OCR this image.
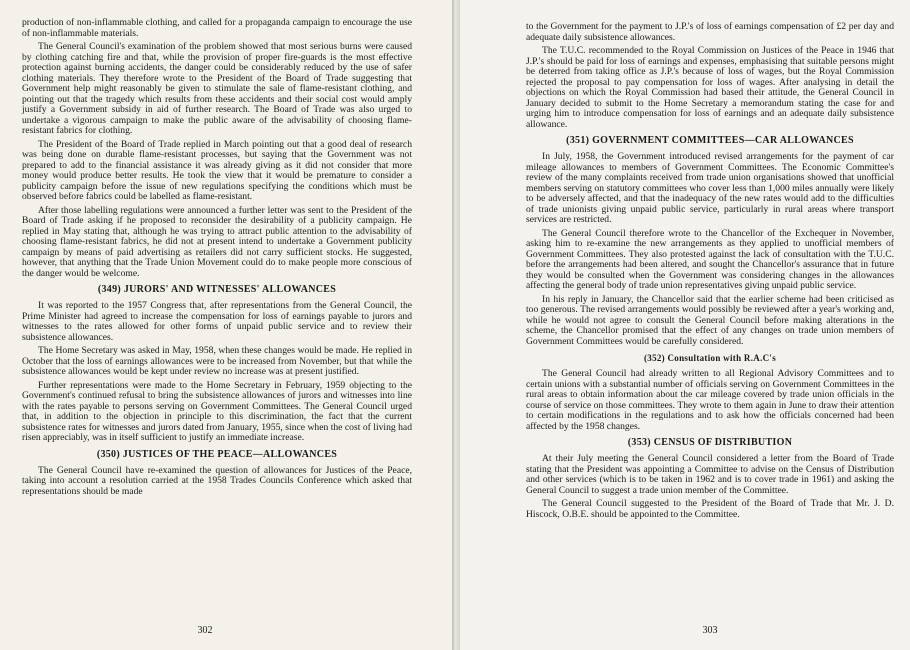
production of non-inflammable clothing, and called for a propaganda campaign to encourage the use of non-inflammable materials.

The General Council's examination of the problem showed that most serious burns were caused by clothing catching fire and that, while the provision of proper fire-guards is the most effective protection against burning accidents, the danger could be considerably reduced by the use of safer clothing materials. They therefore wrote to the President of the Board of Trade suggesting that Government help might reasonably be given to stimulate the sale of flame-resistant clothing, and pointing out that the tragedy which results from these accidents and their social cost would amply justify a Government subsidy in aid of further research. The Board of Trade was also urged to undertake a vigorous campaign to make the public aware of the advisability of choosing flame-resistant fabrics for clothing.

The President of the Board of Trade replied in March pointing out that a good deal of research was being done on durable flame-resistant processes, but saying that the Government was not prepared to add to the financial assistance it was already giving as it did not consider that more money would produce better results. He took the view that it would be premature to consider a publicity campaign before the issue of new regulations specifying the conditions which must be observed before fabrics could be labelled as flame-resistant.

After those labelling regulations were announced a further letter was sent to the President of the Board of Trade asking if he proposed to reconsider the desirability of a publicity campaign. He replied in May stating that, although he was trying to attract public attention to the advisability of choosing flame-resistant fabrics, he did not at present intend to undertake a Government publicity campaign by means of paid advertising as retailers did not carry sufficient stocks. He suggested, however, that anything that the Trade Union Movement could do to make people more conscious of the danger would be welcome.

(349) JURORS' AND WITNESSES' ALLOWANCES

It was reported to the 1957 Congress that, after representations from the General Council, the Prime Minister had agreed to increase the compensation for loss of earnings payable to jurors and witnesses to the rates allowed for other forms of unpaid public service and to review their subsistence allowances.

The Home Secretary was asked in May, 1958, when these changes would be made. He replied in October that the loss of earnings allowances were to be increased from November, but that while the subsistence allowances would be kept under review no increase was at present justified.

Further representations were made to the Home Secretary in February, 1959 objecting to the Government's continued refusal to bring the subsistence allowances of jurors and witnesses into line with the rates payable to persons serving on Government Committees. The General Council urged that, in addition to the objection in principle to this discrimination, the fact that the current subsistence rates for witnesses and jurors dated from January, 1955, since when the cost of living had risen appreciably, was in itself sufficient to justify an immediate increase.

(350) JUSTICES OF THE PEACE—ALLOWANCES

The General Council have re-examined the question of allowances for Justices of the Peace, taking into account a resolution carried at the 1958 Trades Councils Conference which asked that representations should be made

302

to the Government for the payment to J.P.'s of loss of earnings compensation of £2 per day and adequate daily subsistence allowances.

The T.U.C. recommended to the Royal Commission on Justices of the Peace in 1946 that J.P.'s should be paid for loss of earnings and expenses, emphasising that suitable persons might be deterred from taking office as J.P.'s because of loss of wages, but the Royal Commission rejected the proposal to pay compensation for loss of wages. After analysing in detail the objections on which the Royal Commission had based their attitude, the General Council in January decided to submit to the Home Secretary a memorandum stating the case for and urging him to introduce compensation for loss of earnings and an adequate daily subsistence allowance.

(351) GOVERNMENT COMMITTEES—CAR ALLOWANCES

In July, 1958, the Government introduced revised arrangements for the payment of car mileage allowances to members of Government Committees. The Economic Committee's review of the many complaints received from trade union organisations showed that unofficial members serving on statutory committees who cover less than 1,000 miles annually were likely to be adversely affected, and that the inadequacy of the new rates would add to the difficulties of trade unionists giving unpaid public service, particularly in rural areas where transport services are restricted.

The General Council therefore wrote to the Chancellor of the Exchequer in November, asking him to re-examine the new arrangements as they applied to unofficial members of Government Committees. They also protested against the lack of consultation with the T.U.C. before the arrangements had been altered, and sought the Chancellor's assurance that in future they would be consulted when the Government was considering changes in the allowances affecting the general body of trade union representatives giving unpaid public service.

In his reply in January, the Chancellor said that the earlier scheme had been criticised as too generous. The revised arrangements would possibly be reviewed after a year's working and, while he would not agree to consult the General Council before making alterations in the scheme, the Chancellor promised that the effect of any changes on trade union members of Government Committees would be carefully considered.

(352) Consultation with R.A.C's

The General Council had already written to all Regional Advisory Committees and to certain unions with a substantial number of officials serving on Government Committees in the rural areas to obtain information about the car mileage covered by trade union officials in the course of service on those committees. They wrote to them again in June to draw their attention to certain modifications in the regulations and to ask how the officials concerned had been affected by the 1958 changes.

(353) CENSUS OF DISTRIBUTION

At their July meeting the General Council considered a letter from the Board of Trade stating that the President was appointing a Committee to advise on the Census of Distribution and other services (which is to be taken in 1962 and is to cover trade in 1961) and asking the General Council to suggest a trade union member of the Committee.

The General Council suggested to the President of the Board of Trade that Mr. J. D. Hiscock, O.B.E. should be appointed to the Committee.

303
